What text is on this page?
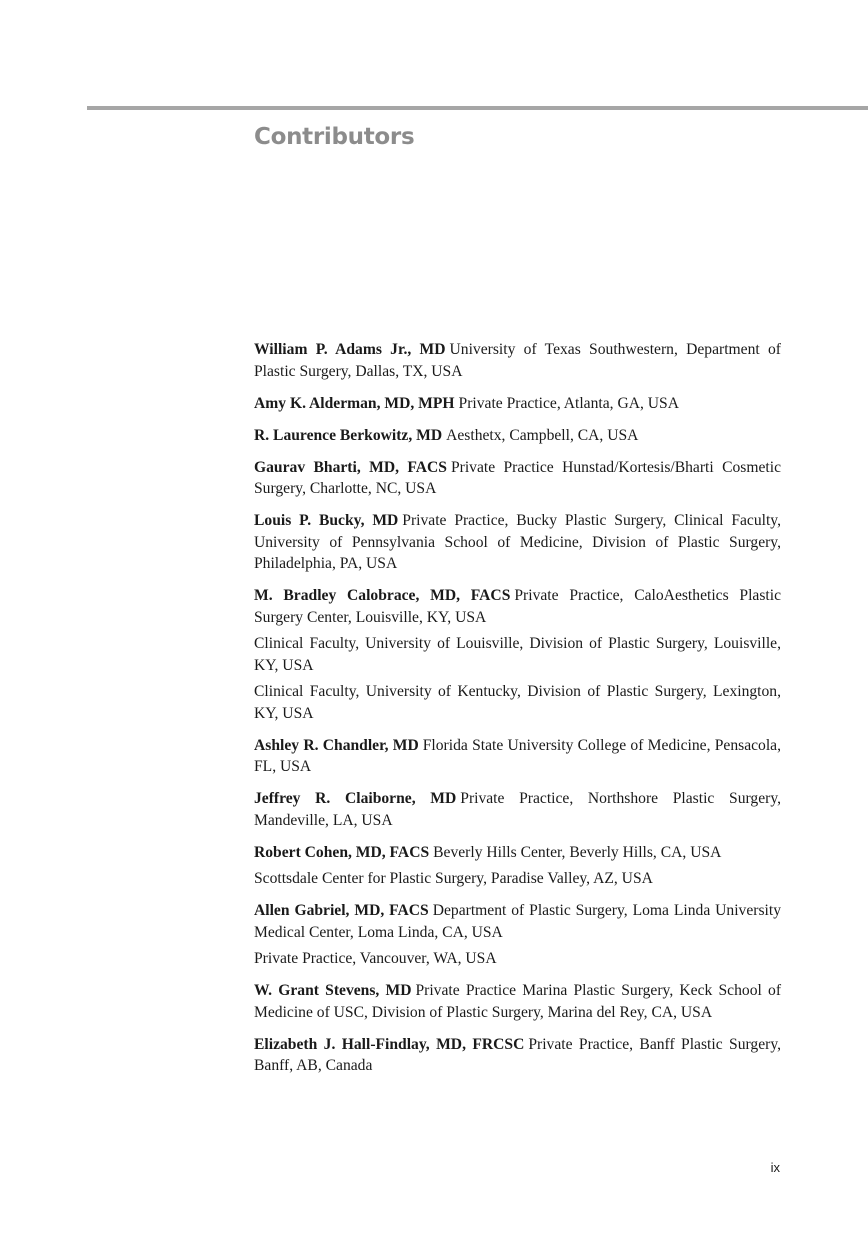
Contributors
William P. Adams Jr., MD University of Texas Southwestern, Department of Plastic Surgery, Dallas, TX, USA
Amy K. Alderman, MD, MPH Private Practice, Atlanta, GA, USA
R. Laurence Berkowitz, MD Aesthetx, Campbell, CA, USA
Gaurav Bharti, MD, FACS Private Practice Hunstad/Kortesis/Bharti Cosmetic Surgery, Charlotte, NC, USA
Louis P. Bucky, MD Private Practice, Bucky Plastic Surgery, Clinical Faculty, University of Pennsylvania School of Medicine, Division of Plastic Surgery, Philadelphia, PA, USA
M. Bradley Calobrace, MD, FACS Private Practice, CaloAesthetics Plastic Surgery Center, Louisville, KY, USA
Clinical Faculty, University of Louisville, Division of Plastic Surgery, Louisville, KY, USA
Clinical Faculty, University of Kentucky, Division of Plastic Surgery, Lexington, KY, USA
Ashley R. Chandler, MD Florida State University College of Medicine, Pensacola, FL, USA
Jeffrey R. Claiborne, MD Private Practice, Northshore Plastic Surgery, Mandeville, LA, USA
Robert Cohen, MD, FACS Beverly Hills Center, Beverly Hills, CA, USA
Scottsdale Center for Plastic Surgery, Paradise Valley, AZ, USA
Allen Gabriel, MD, FACS Department of Plastic Surgery, Loma Linda University Medical Center, Loma Linda, CA, USA
Private Practice, Vancouver, WA, USA
W. Grant Stevens, MD Private Practice Marina Plastic Surgery, Keck School of Medicine of USC, Division of Plastic Surgery, Marina del Rey, CA, USA
Elizabeth J. Hall-Findlay, MD, FRCSC Private Practice, Banff Plastic Surgery, Banff, AB, Canada
ix
